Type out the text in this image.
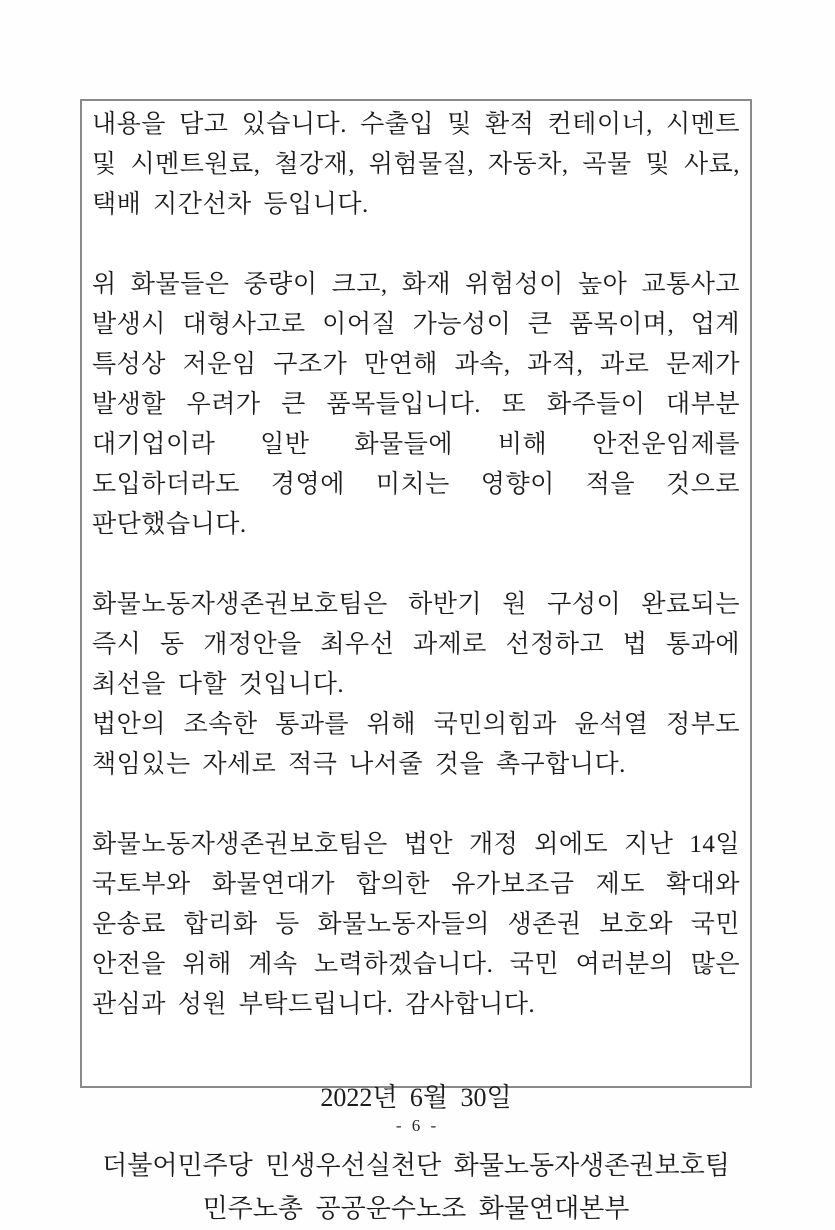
내용을 담고 있습니다. 수출입 및 환적 컨테이너, 시멘트 및 시멘트원료, 철강재, 위험물질, 자동차, 곡물 및 사료, 택배 지간선차 등입니다.

위 화물들은 중량이 크고, 화재 위험성이 높아 교통사고 발생시 대형사고로 이어질 가능성이 큰 품목이며, 업계 특성상 저운임 구조가 만연해 과속, 과적, 과로 문제가 발생할 우려가 큰 품목들입니다. 또 화주들이 대부분 대기업이라 일반 화물들에 비해 안전운임제를 도입하더라도 경영에 미치는 영향이 적을 것으로 판단했습니다.

화물노동자생존권보호팀은 하반기 원 구성이 완료되는 즉시 동 개정안을 최우선 과제로 선정하고 법 통과에 최선을 다할 것입니다.

법안의 조속한 통과를 위해 국민의힘과 윤석열 정부도 책임있는 자세로 적극 나서줄 것을 촉구합니다.

화물노동자생존권보호팀은 법안 개정 외에도 지난 14일 국토부와 화물연대가 합의한 유가보조금 제도 확대와 운송료 합리화 등 화물노동자들의 생존권 보호와 국민 안전을 위해 계속 노력하겠습니다. 국민 여러분의 많은 관심과 성원 부탁드립니다. 감사합니다.

2022년 6월 30일

더불어민주당 민생우선실천단 화물노동자생존권보호팀

민주노총 공공운수노조 화물연대본부

- 6 -
